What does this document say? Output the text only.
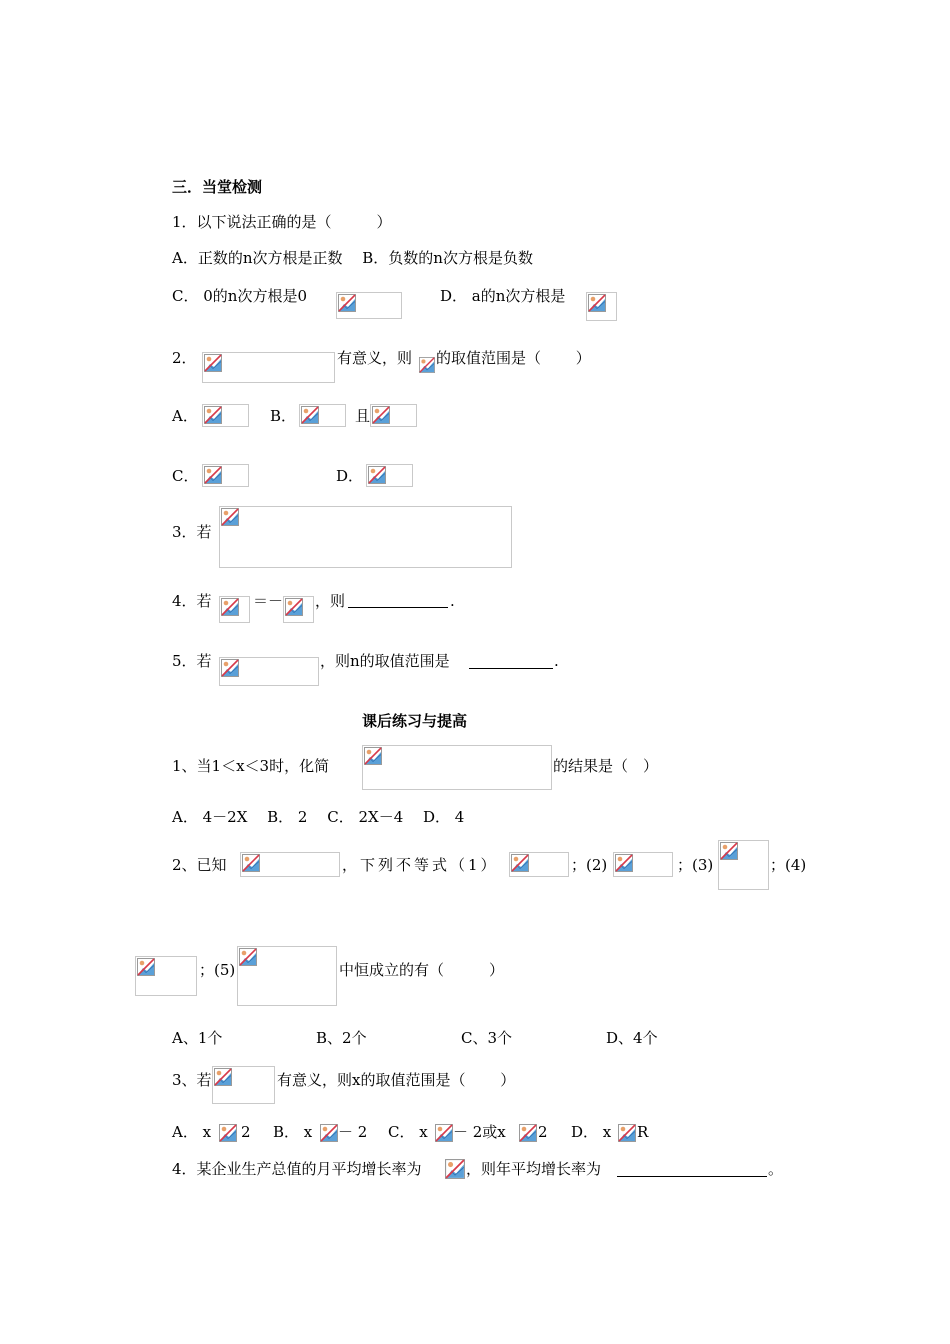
三．当堂检测
1．以下说法正确的是（　　　）
A．正数的n次方根是正数　 B．负数的n次方根是负数
C． 0的n次方根是0	D． a的n次方根是
2．	有意义，则 的取值范围是（　　 ）
A．	B．	且
C．	D．
3．若
4．若	＝－ ，则	.
5．若	，则n的取值范围是	.
课后练习与提高
1、当1＜x＜3时，化简	的结果是（　）
A． 4－2X　 B． 2　 C． 2X－4　 D． 4
2、已知	，下列不等式（1）	；(2)	；(3)	；(4)
；(5)	中恒成立的有（　　　）
A、1个	B、2个	C、3个	D、4个
3、若	有意义，则x的取值范围是（　　 ）
A． x 2 B． x － 2 C． x － 2或x 2 D． x R
4．某企业生产总值的月平均增长率为	，则年平均增长率为	。
